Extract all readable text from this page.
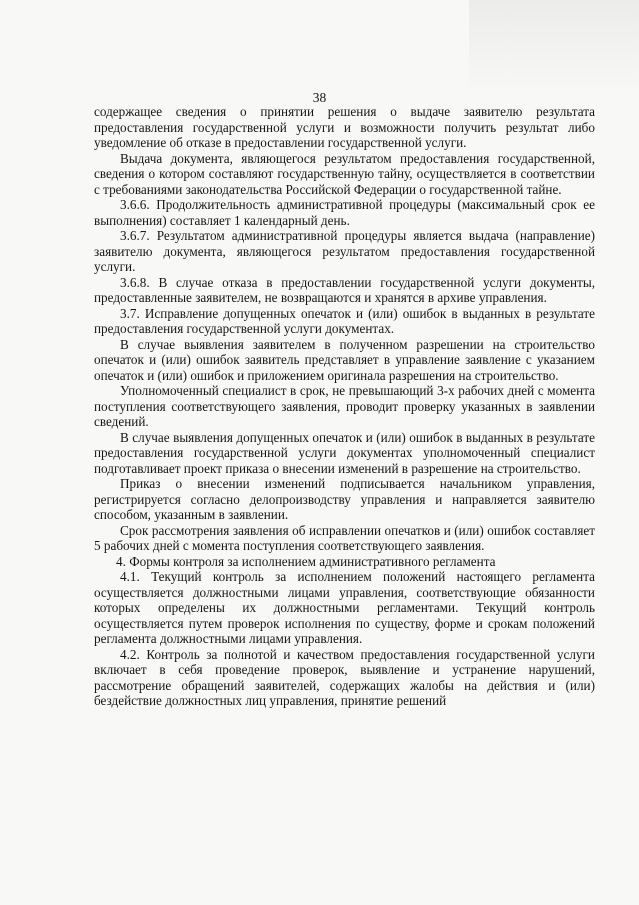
38

содержащее сведения о принятии решения о выдаче заявителю результата предоставления государственной услуги и возможности получить результат либо уведомление об отказе в предоставлении государственной услуги.

Выдача документа, являющегося результатом предоставления государственной, сведения о котором составляют государственную тайну, осуществляется в соответствии с требованиями законодательства Российской Федерации о государственной тайне.

3.6.6. Продолжительность административной процедуры (максимальный срок ее выполнения) составляет 1 календарный день.

3.6.7. Результатом административной процедуры является выдача (направление) заявителю документа, являющегося результатом предоставления государственной услуги.

3.6.8. В случае отказа в предоставлении государственной услуги документы, предоставленные заявителем, не возвращаются и хранятся в архиве управления.

3.7. Исправление допущенных опечаток и (или) ошибок в выданных в результате предоставления государственной услуги документах.

В случае выявления заявителем в полученном разрешении на строительство опечаток и (или) ошибок заявитель представляет в управление заявление с указанием опечаток и (или) ошибок и приложением оригинала разрешения на строительство.

Уполномоченный специалист в срок, не превышающий 3-х рабочих дней с момента поступления соответствующего заявления, проводит проверку указанных в заявлении сведений.

В случае выявления допущенных опечаток и (или) ошибок в выданных в результате предоставления государственной услуги документах уполномоченный специалист подготавливает проект приказа о внесении изменений в разрешение на строительство.

Приказ о внесении изменений подписывается начальником управления, регистрируется согласно делопроизводству управления и направляется заявителю способом, указанным в заявлении.

Срок рассмотрения заявления об исправлении опечатков и (или) ошибок составляет 5 рабочих дней с момента поступления соответствующего заявления.

4. Формы контроля за исполнением административного регламента

4.1. Текущий контроль за исполнением положений настоящего регламента осуществляется должностными лицами управления, соответствующие обязанности которых определены их должностными регламентами. Текущий контроль осуществляется путем проверок исполнения по существу, форме и срокам положений регламента должностными лицами управления.

4.2. Контроль за полнотой и качеством предоставления государственной услуги включает в себя проведение проверок, выявление и устранение нарушений, рассмотрение обращений заявителей, содержащих жалобы на действия и (или) бездействие должностных лиц управления, принятие решений
